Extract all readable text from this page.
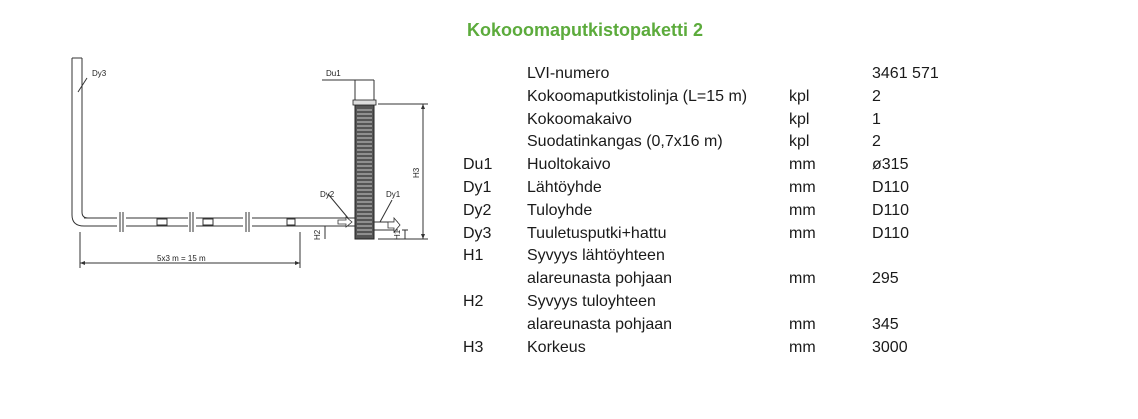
Dy3	Du1
Dy2	Dy1
H3
H2	H1
5x3 m = 15 m
Kokooomaputkistopaketti 2
	LVI-numero		3461 571
	Kokoomaputkistolinja (L=15 m)	kpl	2
	Kokoomakaivo	kpl	1
	Suodatinkangas (0,7x16 m)	kpl	2
Du1	Huoltokaivo	mm	ø315
Dy1	Lähtöyhde	mm	D110
Dy2	Tuloyhde	mm	D110
Dy3	Tuuletusputki+hattu	mm	D110
H1	Syvyys lähtöyhteen		
	alareunasta pohjaan	mm	295
H2	Syvyys tuloyhteen		
	alareunasta pohjaan	mm	345
H3	Korkeus	mm	3000
